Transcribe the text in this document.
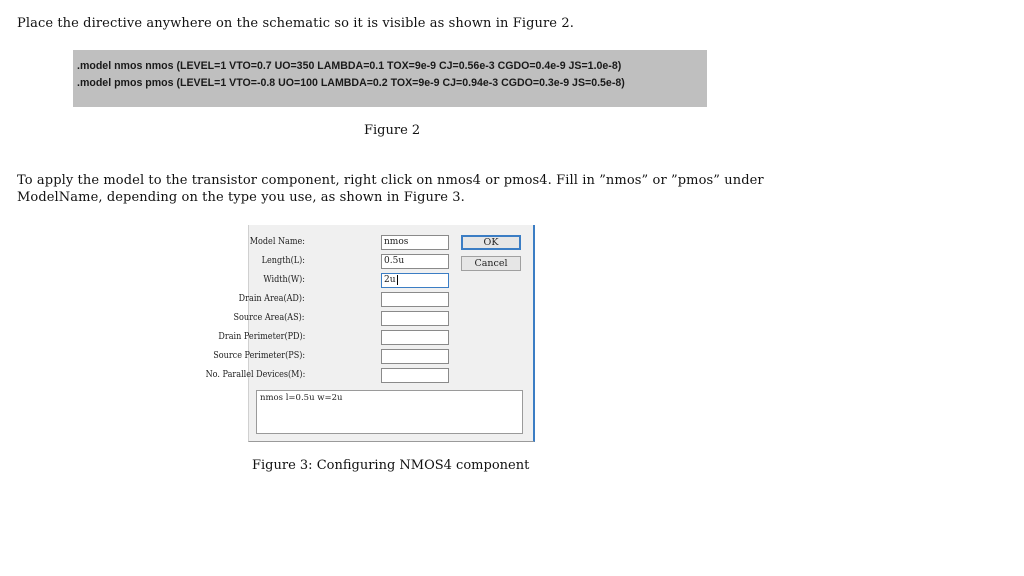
Place the directive anywhere on the schematic so it is visible as shown in Figure 2.

.model nmos nmos (LEVEL=1 VTO=0.7 UO=350 LAMBDA=0.1 TOX=9e-9 CJ=0.56e-3 CGDO=0.4e-9 JS=1.0e-8)
.model pmos pmos (LEVEL=1 VTO=-0.8 UO=100 LAMBDA=0.2 TOX=9e-9 CJ=0.94e-3 CGDO=0.3e-9 JS=0.5e-8)
Figure 2

To apply the model to the transistor component, right click on nmos4 or pmos4. Fill in ”nmos” or ”pmos” under ModelName, depending on the type you use, as shown in Figure 3.

Model Name:	nmos
Length(L):	0.5u
Width(W):	2u
Drain Area(AD):
Source Area(AS):
Drain Perimeter(PD):
Source Perimeter(PS):
No. Parallel Devices(M):
OK
Cancel
nmos l=0.5u w=2u
Figure 3: Configuring NMOS4 component
